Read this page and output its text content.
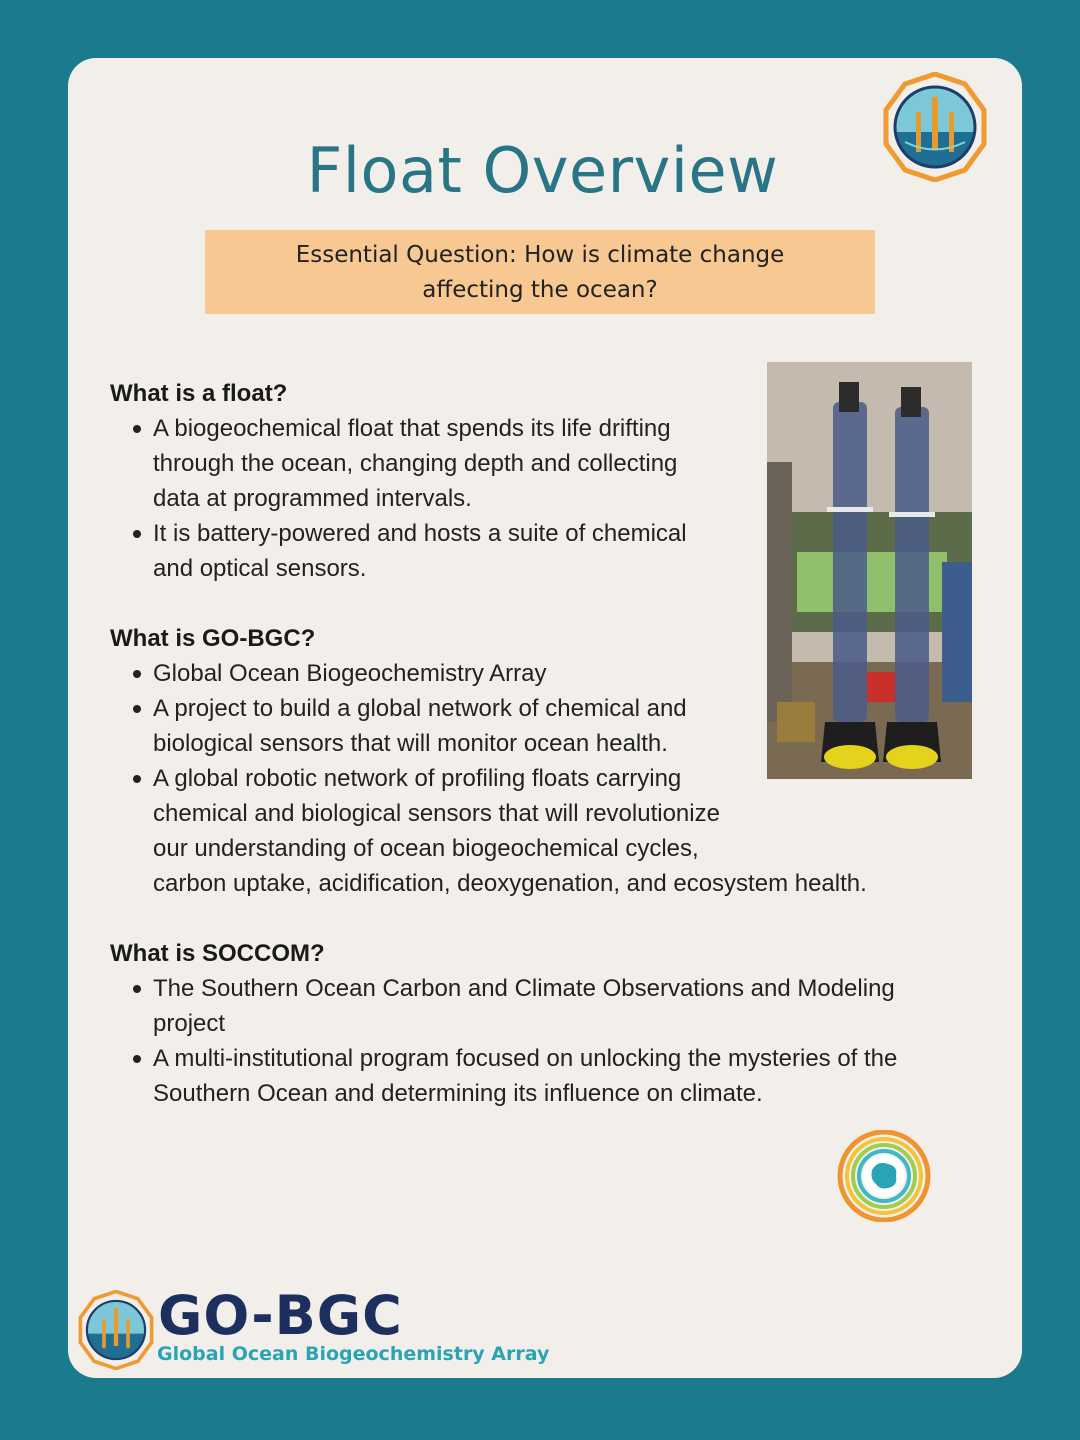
Float Overview
Essential Question: How is climate change
affecting the ocean?
What is a float?
A biogeochemical float that spends its life drifting
through the ocean, changing depth and collecting
data at programmed intervals.
It is battery-powered and hosts a suite of chemical
and optical sensors.
What is GO-BGC?
Global Ocean Biogeochemistry Array
A project to build a global network of chemical and
biological sensors that will monitor ocean health.
A global robotic network of profiling floats carrying
chemical and biological sensors that will revolutionize
our understanding of ocean biogeochemical cycles,
carbon uptake, acidification, deoxygenation, and ecosystem health.
What is SOCCOM?
The Southern Ocean Carbon and Climate Observations and Modeling
project
A multi-institutional program focused on unlocking the mysteries of the
Southern Ocean and determining its influence on climate.
GO-BGC
Global Ocean Biogeochemistry Array
